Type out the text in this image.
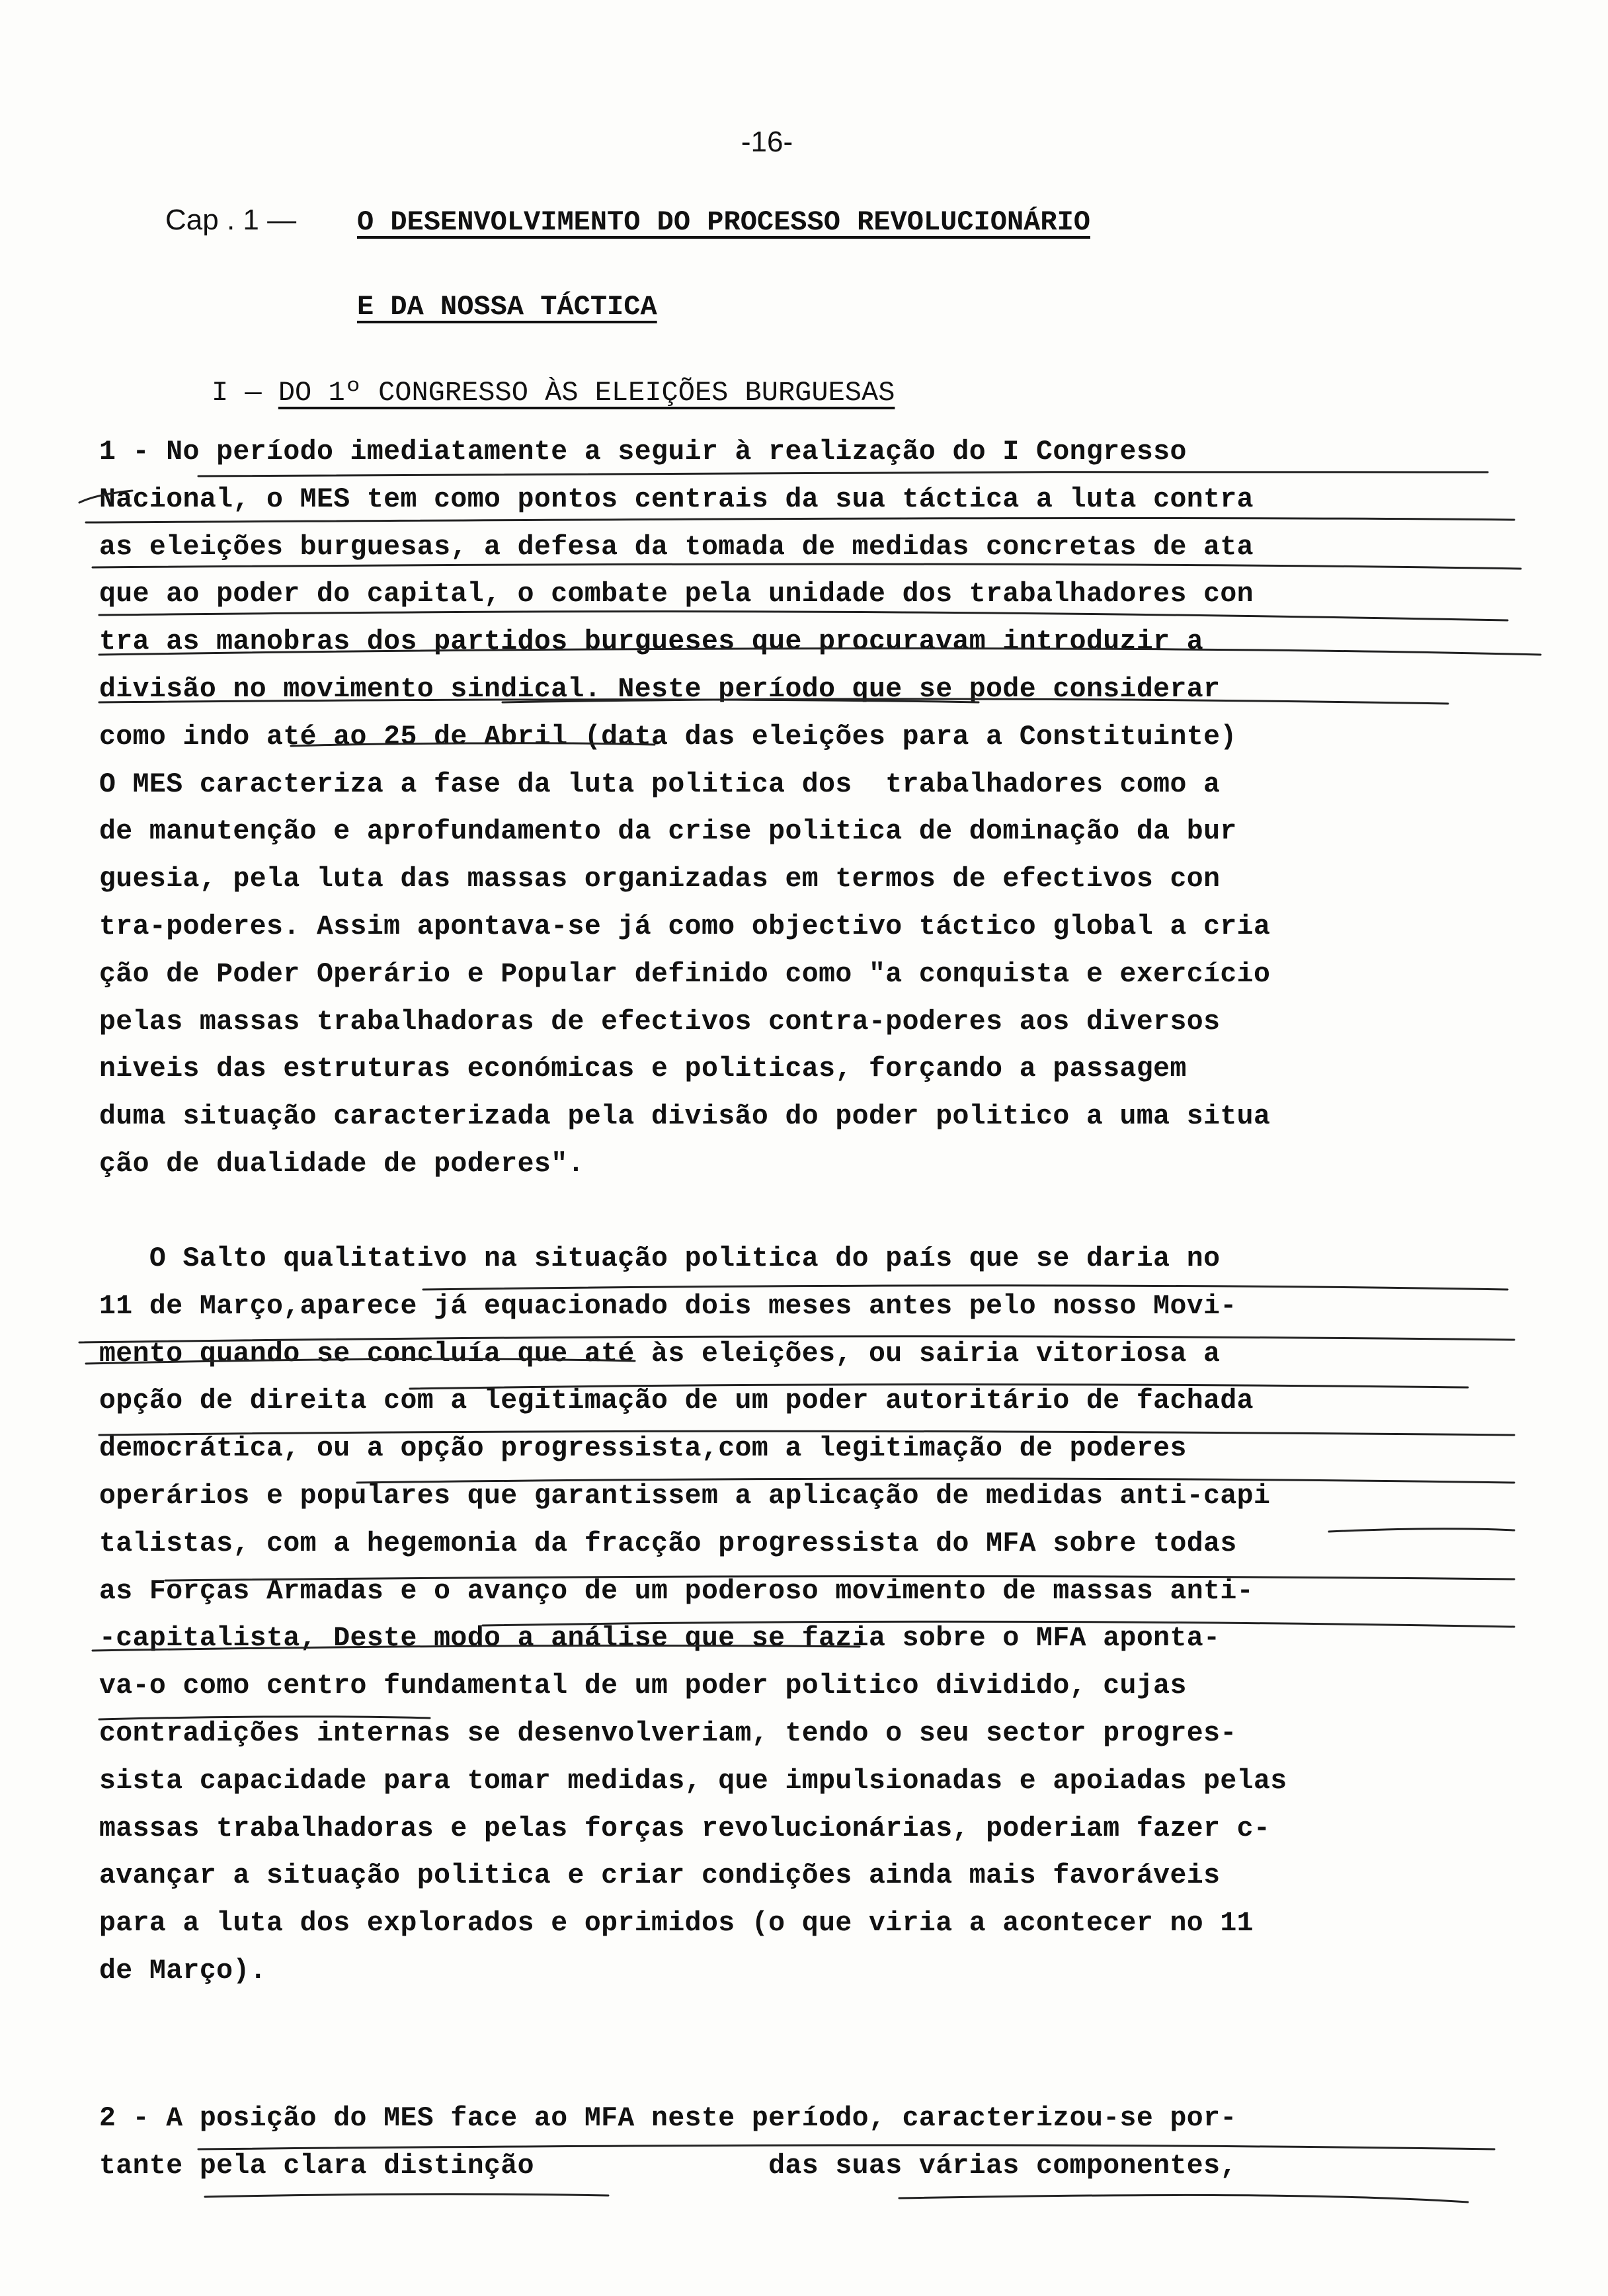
-16-
Cap . 1 — O DESENVOLVIMENTO DO PROCESSO REVOLUCIONÁRIO
E DA NOSSA TÁCTICA
I — DO 1º CONGRESSO ÀS ELEIÇÕES BURGUESAS
1 - No período imediatamente a seguir à realização do I Congresso
Nacional, o MES tem como pontos centrais da sua táctica a luta contra
as eleições burguesas, a defesa da tomada de medidas concretas de ata
que ao poder do capital, o combate pela unidade dos trabalhadores con
tra as manobras dos partidos burgueses que procuravam introduzir a
divisão no movimento sindical. Neste período que se pode considerar
como indo até ao 25 de Abril (data das eleições para a Constituinte)
O MES caracteriza a fase da luta politica dos  trabalhadores como a
de manutenção e aprofundamento da crise politica de dominação da bur
guesia, pela luta das massas organizadas em termos de efectivos con
tra-poderes. Assim apontava-se já como objectivo táctico global a cria
ção de Poder Operário e Popular definido como "a conquista e exercício
pelas massas trabalhadoras de efectivos contra-poderes aos diversos
niveis das estruturas económicas e politicas, forçando a passagem
duma situação caracterizada pela divisão do poder politico a uma situa
ção de dualidade de poderes".
O Salto qualitativo na situação politica do país que se daria no
11 de Março,aparece já equacionado dois meses antes pelo nosso Movi-
mento quando se concluía que até às eleições, ou sairia vitoriosa a
opção de direita com a legitimação de um poder autoritário de fachada
democrática, ou a opção progressista,com a legitimação de poderes
operários e populares que garantissem a aplicação de medidas anti-capi
talistas, com a hegemonia da fracção progressista do MFA sobre todas
as Forças Armadas e o avanço de um poderoso movimento de massas anti-
-capitalista, Deste modo a análise que se fazia sobre o MFA aponta-
va-o como centro fundamental de um poder politico dividido, cujas
contradições internas se desenvolveriam, tendo o seu sector progres-
sista capacidade para tomar medidas, que impulsionadas e apoiadas pelas
massas trabalhadoras e pelas forças revolucionárias, poderiam fazer c-
avançar a situação politica e criar condições ainda mais favoráveis
para a luta dos explorados e oprimidos (o que viria a acontecer no 11
de Março).
2 - A posição do MES face ao MFA neste período, caracterizou-se por-
tante pela clara distinção              das suas várias componentes,
